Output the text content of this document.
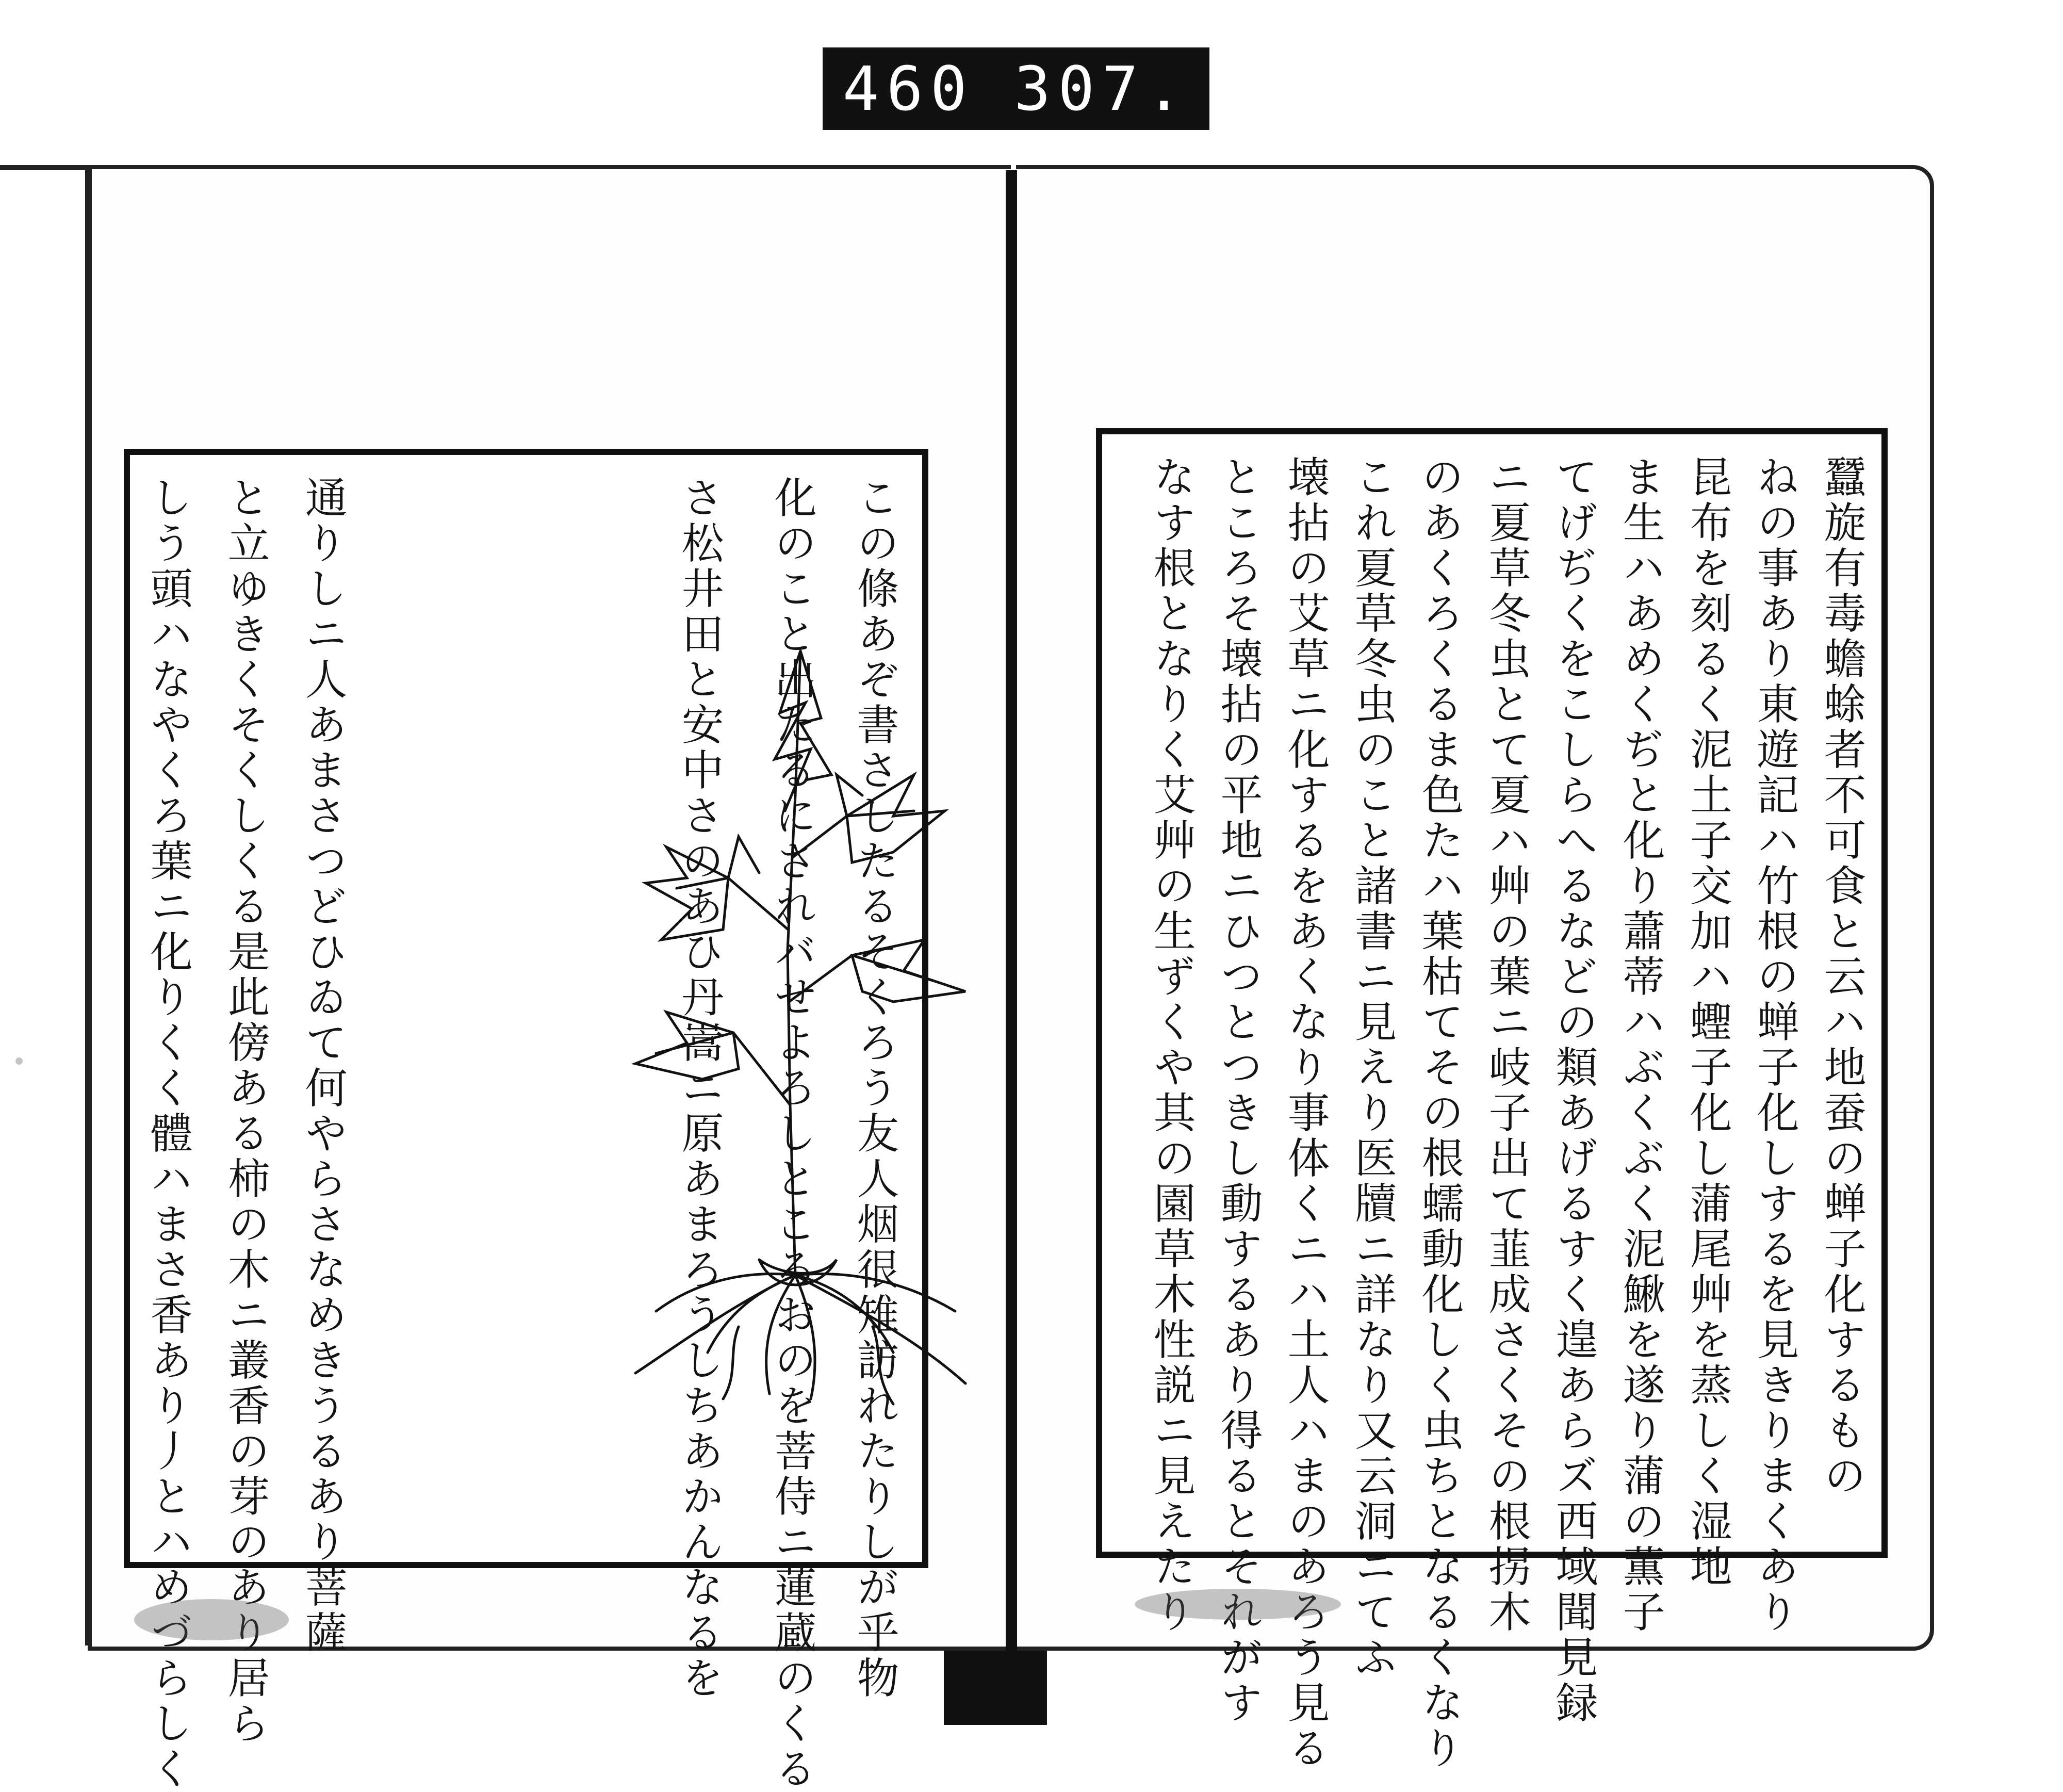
460 307.
この條あぞ書さしたるそくろう友人烟很雉訪れたりしが乎物
化のこと出たるにされバせよろしところおのを菩侍ニ蓮蔵のくる
さ松井田と安中さのあひ丹嵩ニ原あまろうしちあかんなるを
通りしニ人あまさつどひゐて何やらさなめきうるあり菩薩
と立ゆきくそくしくる是此傍ある柿の木ニ叢香の芽のあり居ら
しう頭ハなやくろ葉ニ化りくく體ハまさ香あり丿とハめづらしく	蠶旋有毒蟾蜍者不可食と云ハ地蚕の蝉子化するもの
ねの事あり東遊記ハ竹根の蝉子化しするを見きりまくあり
昆布を刻るく泥土子交加ハ蟶子化し蒲尾艸を蒸しく湿地
ま生ハあめくぢと化り蕭蒂ハぶくぶく泥鰍を遂り蒲の薫子
てげぢくをこしらへるなどの類あげるすく遑あらズ西域聞見録
ニ夏草冬虫とて夏ハ艸の葉ニ岐子出て韮成さくその根拐木
のあくろくるま色たハ葉枯てその根蠕動化しく虫ちとなるくなり
これ夏草冬虫のこと諸書ニ見えり医牘ニ詳なり又云洞ニてふ
壊拈の艾草ニ化するをあくなり事体くニハ土人ハまのあろう見る
ところそ壊拈の平地ニひつとつきし動するあり得るとそれがす
なす根となりく艾艸の生ずくや其の園草木性説ニ見えたり
